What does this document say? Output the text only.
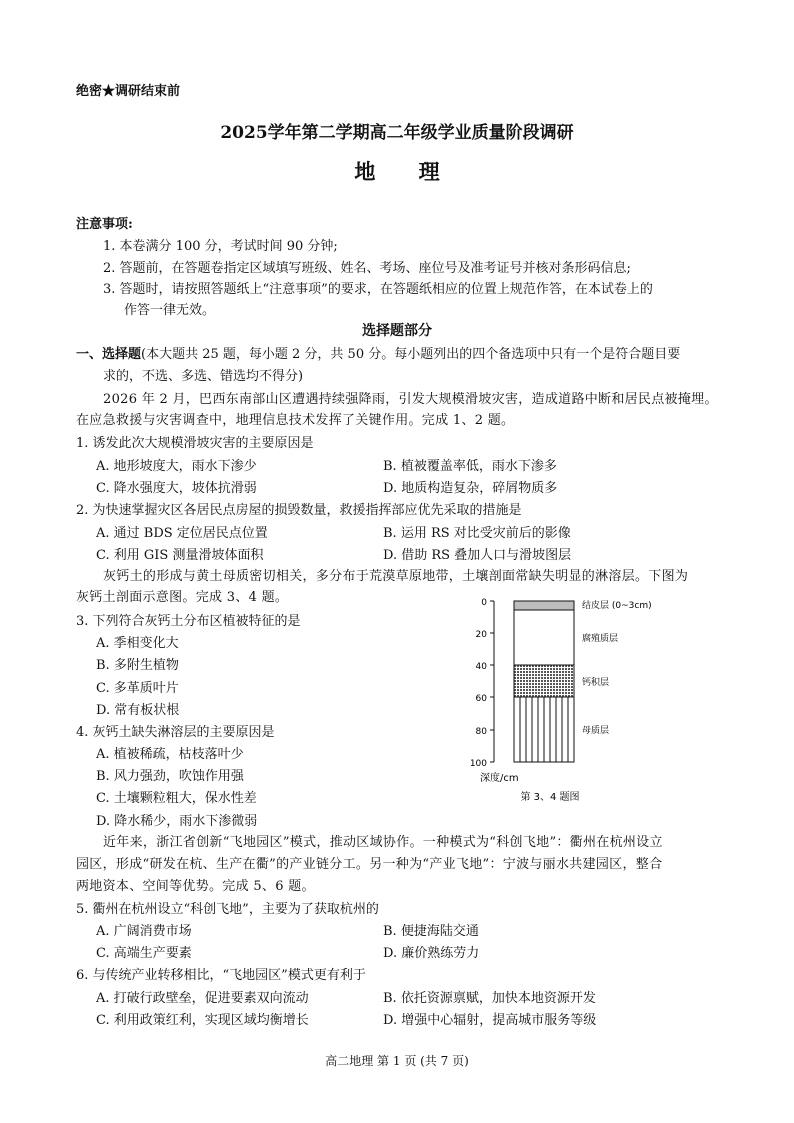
绝密★调研结束前
2025学年第二学期高二年级学业质量阶段调研
地 理
注意事项:
1. 本卷满分 100 分，考试时间 90 分钟;
2. 答题前，在答题卷指定区域填写班级、姓名、考场、座位号及准考证号并核对条形码信息;
3. 答题时，请按照答题纸上“注意事项”的要求，在答题纸相应的位置上规范作答，在本试卷上的
作答一律无效。
选择题部分
一、选择题(本大题共 25 题，每小题 2 分，共 50 分。每小题列出的四个备选项中只有一个是符合题目要
求的，不选、多选、错选均不得分)
2026 年 2 月，巴西东南部山区遭遇持续强降雨，引发大规模滑坡灾害，造成道路中断和居民点被掩埋。
在应急救援与灾害调查中，地理信息技术发挥了关键作用。完成 1、2 题。
1. 诱发此次大规模滑坡灾害的主要原因是
A. 地形坡度大，雨水下渗少	B. 植被覆盖率低，雨水下渗多
C. 降水强度大，坡体抗滑弱	D. 地质构造复杂，碎屑物质多
2. 为快速掌握灾区各居民点房屋的损毁数量，救援指挥部应优先采取的措施是
A. 通过 BDS 定位居民点位置	B. 运用 RS 对比受灾前后的影像
C. 利用 GIS 测量滑坡体面积	D. 借助 RS 叠加人口与滑坡图层
灰钙土的形成与黄土母质密切相关，多分布于荒漠草原地带，土壤剖面常缺失明显的淋溶层。下图为
灰钙土剖面示意图。完成 3、4 题。
3. 下列符合灰钙土分布区植被特征的是
A. 季相变化大
B. 多附生植物
C. 多革质叶片
D. 常有板状根
4. 灰钙土缺失淋溶层的主要原因是
A. 植被稀疏，枯枝落叶少
B. 风力强劲，吹蚀作用强
C. 土壤颗粒粗大，保水性差
D. 降水稀少，雨水下渗微弱
0
20
40
60
80
100
深度/cm
结皮层 (0~3cm)
腐殖质层
钙积层
母质层
第 3、4 题图
近年来，浙江省创新“飞地园区”模式，推动区域协作。一种模式为“科创飞地”：衢州在杭州设立
园区，形成“研发在杭、生产在衢”的产业链分工。另一种为“产业飞地”：宁波与丽水共建园区，整合
两地资本、空间等优势。完成 5、6 题。
5. 衢州在杭州设立“科创飞地”，主要为了获取杭州的
A. 广阔消费市场	B. 便捷海陆交通
C. 高端生产要素	D. 廉价熟练劳力
6. 与传统产业转移相比，“飞地园区”模式更有利于
A. 打破行政壁垒，促进要素双向流动	B. 依托资源禀赋，加快本地资源开发
C. 利用政策红利，实现区域均衡增长	D. 增强中心辐射，提高城市服务等级
高二地理 第 1 页 (共 7 页)
